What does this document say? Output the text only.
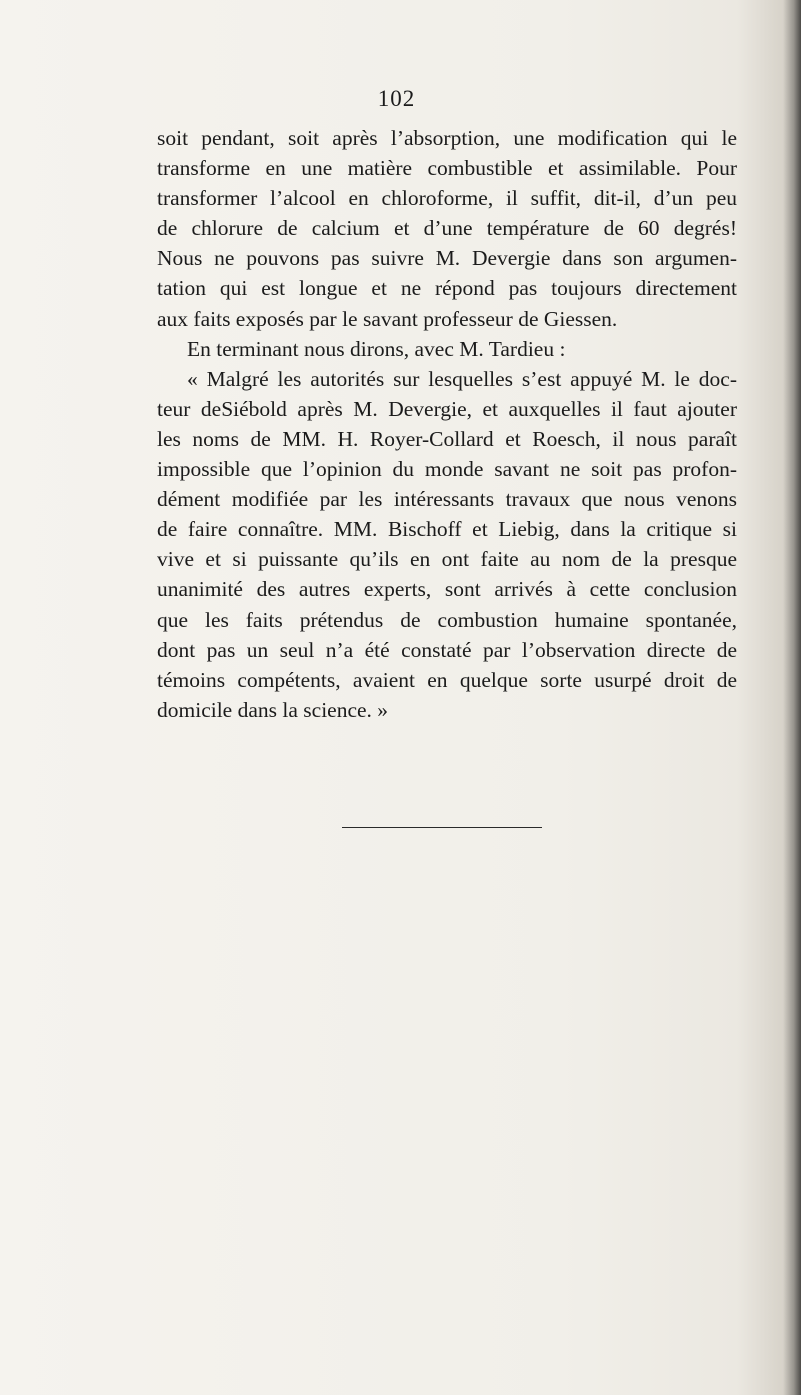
102
soit pendant, soit après l’absorption, une modification qui le
transforme en une matière combustible et assimilable. Pour
transformer l’alcool en chloroforme, il suffit, dit-il, d’un peu
de chlorure de calcium et d’une température de 60 degrés!
Nous ne pouvons pas suivre M. Devergie dans son argumen-
tation qui est longue et ne répond pas toujours directement
aux faits exposés par le savant professeur de Giessen.
En terminant nous dirons, avec M. Tardieu :
« Malgré les autorités sur lesquelles s’est appuyé M. le doc-
teur deSiébold après M. Devergie, et auxquelles il faut ajouter
les noms de MM. H. Royer-Collard et Roesch, il nous paraît
impossible que l’opinion du monde savant ne soit pas profon-
dément modifiée par les intéressants travaux que nous venons
de faire connaître. MM. Bischoff et Liebig, dans la critique si
vive et si puissante qu’ils en ont faite au nom de la presque
unanimité des autres experts, sont arrivés à cette conclusion
que les faits prétendus de combustion humaine spontanée,
dont pas un seul n’a été constaté par l’observation directe de
témoins compétents, avaient en quelque sorte usurpé droit de
domicile dans la science. »
